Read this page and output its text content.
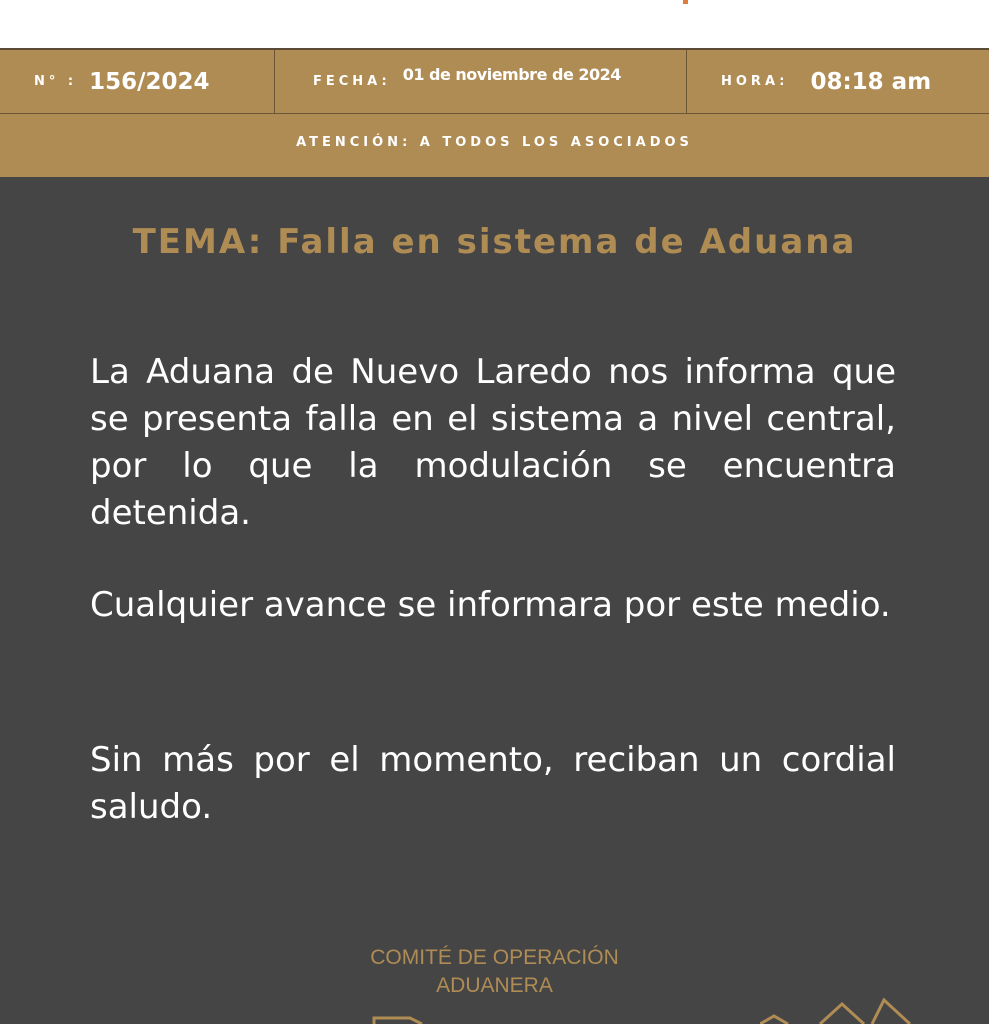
N° : 156/2024	FECHA: 01 de noviembre de 2024	HORA: 08:18 am
ATENCIÓN: A TODOS LOS ASOCIADOS
TEMA: Falla en sistema de Aduana
La Aduana de Nuevo Laredo nos informa que se presenta falla en el sistema a nivel central, por lo que la modulación se encuentra detenida.
Cualquier avance se informara por este medio.
Sin más por el momento, reciban un cordial saludo.
COMITÉ DE OPERACIÓN
ADUANERA
